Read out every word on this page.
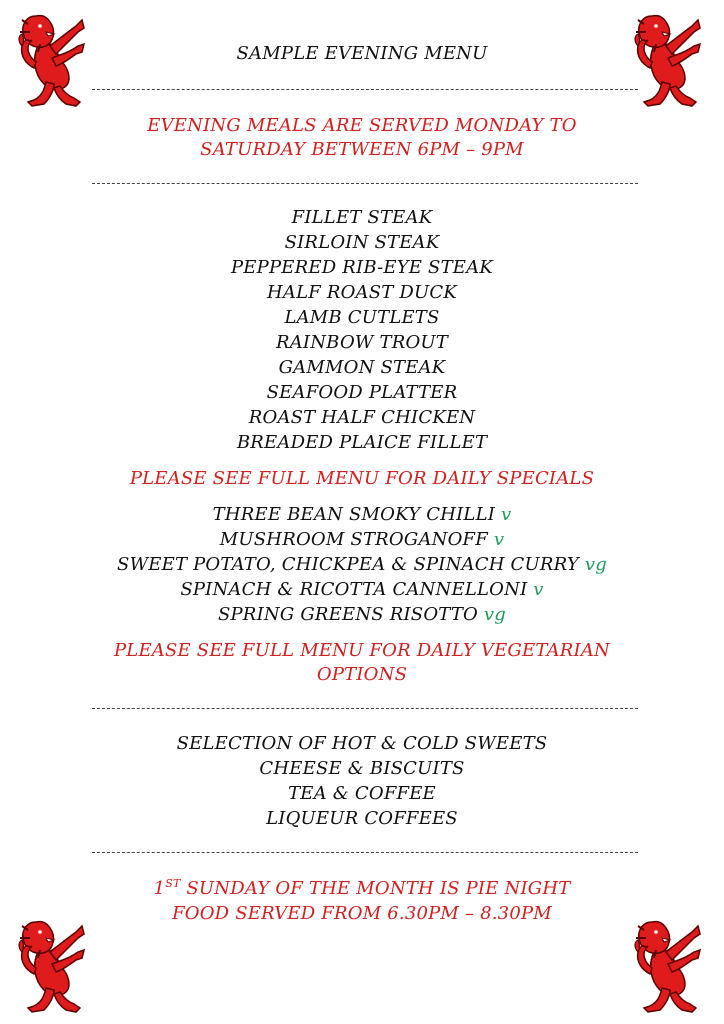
SAMPLE EVENING MENU
EVENING MEALS ARE SERVED MONDAY TO
SATURDAY BETWEEN 6PM – 9PM
FILLET STEAK
SIRLOIN STEAK
PEPPERED RIB-EYE STEAK
HALF ROAST DUCK
LAMB CUTLETS
RAINBOW TROUT
GAMMON STEAK
SEAFOOD PLATTER
ROAST HALF CHICKEN
BREADED PLAICE FILLET
PLEASE SEE FULL MENU FOR DAILY SPECIALS
THREE BEAN SMOKY CHILLI v
MUSHROOM STROGANOFF v
SWEET POTATO, CHICKPEA & SPINACH CURRY vg
SPINACH & RICOTTA CANNELLONI v
SPRING GREENS RISOTTO vg
PLEASE SEE FULL MENU FOR DAILY VEGETARIAN
OPTIONS
SELECTION OF HOT & COLD SWEETS
CHEESE & BISCUITS
TEA & COFFEE
LIQUEUR COFFEES
1ST SUNDAY OF THE MONTH IS PIE NIGHT
FOOD SERVED FROM 6.30PM – 8.30PM
